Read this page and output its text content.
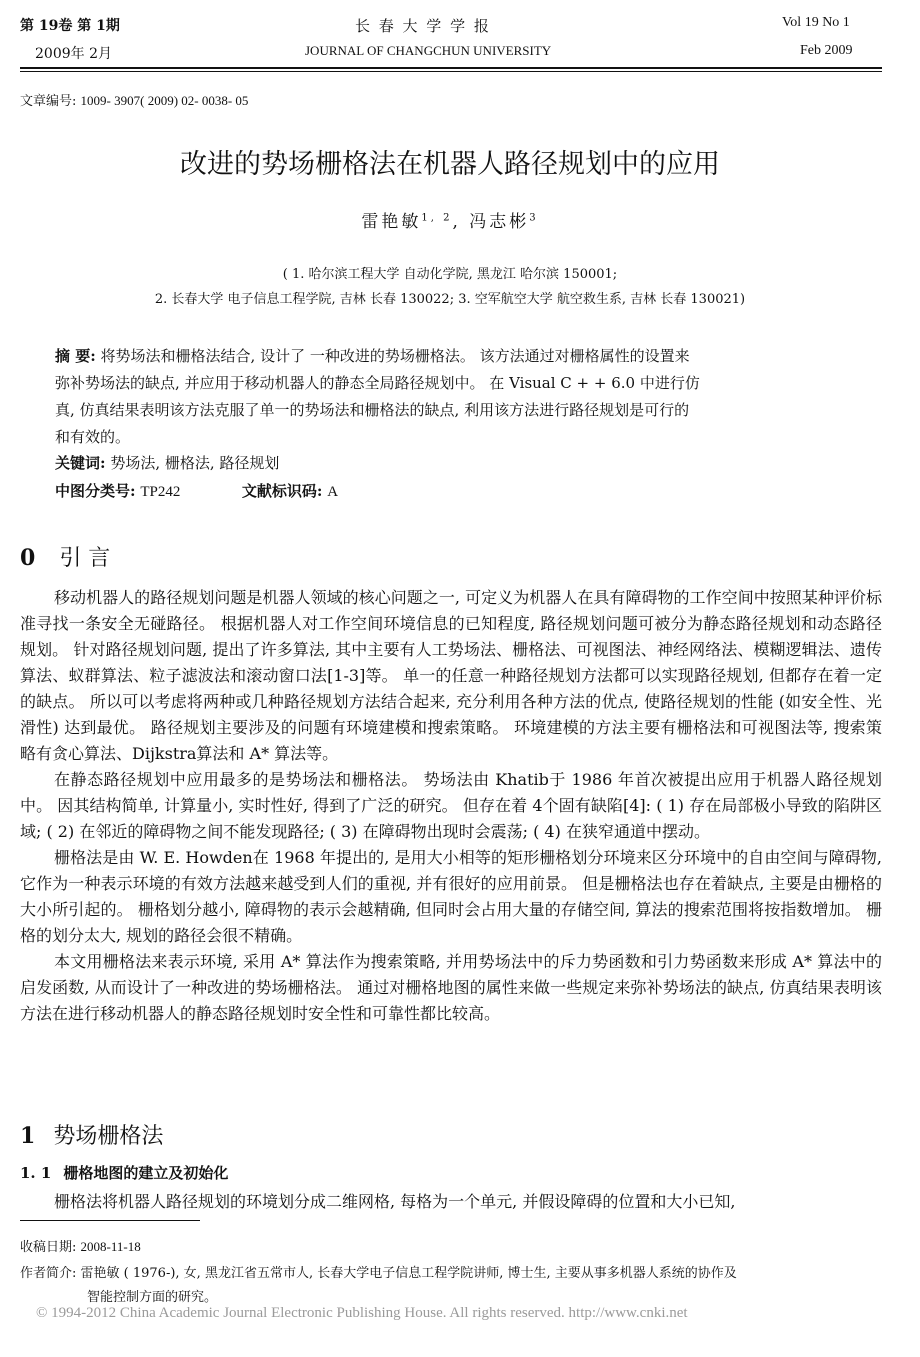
第 19卷 第 1期
2009年 2月
长 春 大 学 学 报
JOURNAL OF CHANGCHUN UNIVERSITY
Vol 19 No 1
Feb 2009
文章编号: 1009- 3907( 2009) 02- 0038- 05
改进的势场栅格法在机器人路径规划中的应用
雷艳敏$^{1, 2}$, 冯志彬$^3$
( 1. 哈尔滨工程大学 自动化学院, 黑龙江 哈尔滨 150001;
2. 长春大学 电子信息工程学院, 吉林 长春 130022; 3. 空军航空大学 航空救生系, 吉林 长春 130021)
摘 要: 将势场法和栅格法结合, 设计了 一种改进的势场栅格法。 该方法通过对栅格属性的设置来
弥补势场法的缺点, 并应用于移动机器人的静态全局路径规划中。 在 Visual C + + 6.0 中进行仿
真, 仿真结果表明该方法克服了单一的势场法和栅格法的缺点, 利用该方法进行路径规划是可行的
和有效的。
关键词: 势场法, 栅格法, 路径规划
中图分类号: TP242	文献标识码: A
0 引 言

移动机器人的路径规划问题是机器人领域的核心问题之一, 可定义为机器人在具有障碍物的工作空间中按照某种评价标准寻找一条安全无碰路径。 根据机器人对工作空间环境信息的已知程度, 路径规划问题可被分为静态路径规划和动态路径规划。 针对路径规划问题, 提出了许多算法, 其中主要有人工势场法、栅格法、可视图法、神经网络法、模糊逻辑法、遗传算法、蚁群算法、粒子滤波法和滚动窗口法[1-3]等。 单一的任意一种路径规划方法都可以实现路径规划, 但都存在着一定的缺点。 所以可以考虑将两种或几种路径规划方法结合起来, 充分利用各种方法的优点, 使路径规划的性能 (如安全性、光滑性) 达到最优。 路径规划主要涉及的问题有环境建模和搜索策略。 环境建模的方法主要有栅格法和可视图法等, 搜索策略有贪心算法、Dijkstra算法和 A* 算法等。

在静态路径规划中应用最多的是势场法和栅格法。 势场法由 Khatib于 1986 年首次被提出应用于机器人路径规划中。 因其结构简单, 计算量小, 实时性好, 得到了广泛的研究。 但存在着 4个固有缺陷[4]: ( 1) 存在局部极小导致的陷阱区域; ( 2) 在邻近的障碍物之间不能发现路径; ( 3) 在障碍物出现时会震荡; ( 4) 在狭窄通道中摆动。

栅格法是由 W. E. Howden在 1968 年提出的, 是用大小相等的矩形栅格划分环境来区分环境中的自由空间与障碍物, 它作为一种表示环境的有效方法越来越受到人们的重视, 并有很好的应用前景。 但是栅格法也存在着缺点, 主要是由栅格的大小所引起的。 栅格划分越小, 障碍物的表示会越精确, 但同时会占用大量的存储空间, 算法的搜索范围将按指数增加。 栅格的划分太大, 规划的路径会很不精确。

本文用栅格法来表示环境, 采用 A* 算法作为搜索策略, 并用势场法中的斥力势函数和引力势函数来形成 A* 算法中的启发函数, 从而设计了一种改进的势场栅格法。 通过对栅格地图的属性来做一些规定来弥补势场法的缺点, 仿真结果表明该方法在进行移动机器人的静态路径规划时安全性和可靠性都比较高。

1 势场栅格法
1. 1 栅格地图的建立及初始化
栅格法将机器人路径规划的环境划分成二维网格, 每格为一个单元, 并假设障碍的位置和大小已知,
收稿日期: 2008-11-18
作者简介: 雷艳敏 ( 1976-), 女, 黑龙江省五常市人, 长春大学电子信息工程学院讲师, 博士生, 主要从事多机器人系统的协作及
智能控制方面的研究。
© 1994-2012 China Academic Journal Electronic Publishing House. All rights reserved. http://www.cnki.net
